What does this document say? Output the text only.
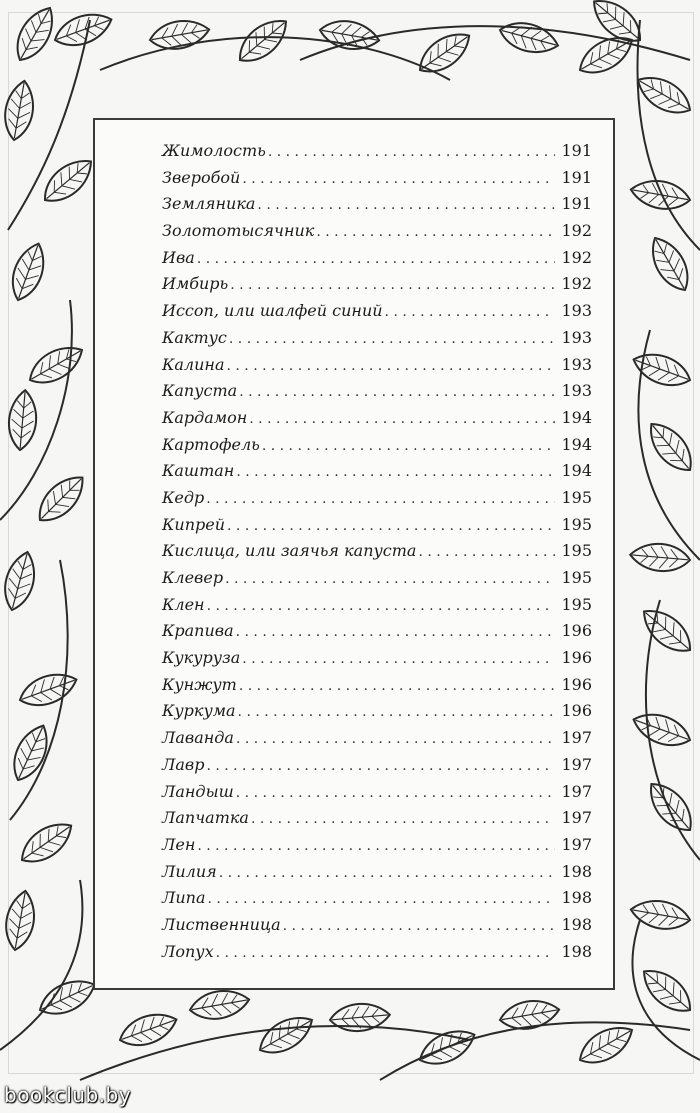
Жимолость . . .	191
Зверобой . . .	191
Земляника . . .	191
Золототысячник . . .	192
Ива . . .	192
Имбирь . . .	192
Иссоп, или шалфей синий . . .	193
Кактус . . .	193
Калина . . .	193
Капуста . . .	193
Кардамон . . .	194
Картофель . . .	194
Каштан . . .	194
Кедр . . .	195
Кипрей . . .	195
Кислица, или заячья капуста . . .	195
Клевер . . .	195
Клен . . .	195
Крапива . . .	196
Кукуруза . . .	196
Кунжут . . .	196
Куркума . . .	196
Лаванда . . .	197
Лавр . . .	197
Ландыш . . .	197
Лапчатка . . .	197
Лен . . .	197
Лилия . . .	198
Липа . . .	198
Лиственница . . .	198
Лопух . . .	198
bookclub.by
